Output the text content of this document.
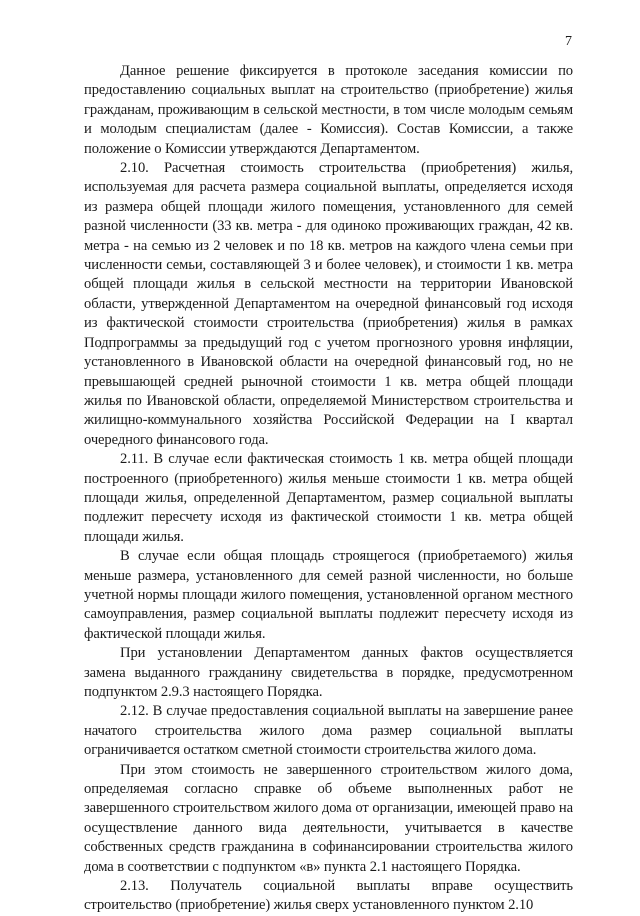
7

Данное решение фиксируется в протоколе заседания комиссии по предоставлению социальных выплат на строительство (приобретение) жилья гражданам, проживающим в сельской местности, в том числе молодым семьям и молодым специалистам (далее - Комиссия). Состав Комиссии, а также положение о Комиссии утверждаются Департаментом.

2.10. Расчетная стоимость строительства (приобретения) жилья, используемая для расчета размера социальной выплаты, определяется исходя из размера общей площади жилого помещения, установленного для семей разной численности (33 кв. метра - для одиноко проживающих граждан, 42 кв. метра - на семью из 2 человек и по 18 кв. метров на каждого члена семьи при численности семьи, составляющей 3 и более человек), и стоимости 1 кв. метра общей площади жилья в сельской местности на территории Ивановской области, утвержденной Департаментом на очередной финансовый год исходя из фактической стоимости строительства (приобретения) жилья в рамках Подпрограммы за предыдущий год с учетом прогнозного уровня инфляции, установленного в Ивановской области на очередной финансовый год, но не превышающей средней рыночной стоимости 1 кв. метра общей площади жилья по Ивановской области, определяемой Министерством строительства и жилищно-коммунального хозяйства Российской Федерации на I квартал очередного финансового года.

2.11. В случае если фактическая стоимость 1 кв. метра общей площади построенного (приобретенного) жилья меньше стоимости 1 кв. метра общей площади жилья, определенной Департаментом, размер социальной выплаты подлежит пересчету исходя из фактической стоимости 1 кв. метра общей площади жилья.

В случае если общая площадь строящегося (приобретаемого) жилья меньше размера, установленного для семей разной численности, но больше учетной нормы площади жилого помещения, установленной органом местного самоуправления, размер социальной выплаты подлежит пересчету исходя из фактической площади жилья.

При установлении Департаментом данных фактов осуществляется замена выданного гражданину свидетельства в порядке, предусмотренном подпунктом 2.9.3 настоящего Порядка.

2.12. В случае предоставления социальной выплаты на завершение ранее начатого строительства жилого дома размер социальной выплаты ограничивается остатком сметной стоимости строительства жилого дома.

При этом стоимость не завершенного строительством жилого дома, определяемая согласно справке об объеме выполненных работ не завершенного строительством жилого дома от организации, имеющей право на осуществление данного вида деятельности, учитывается в качестве собственных средств гражданина в софинансировании строительства жилого дома в соответствии с подпунктом «в» пункта 2.1 настоящего Порядка.

2.13. Получатель социальной выплаты вправе осуществить строительство (приобретение) жилья сверх установленного пунктом 2.10
